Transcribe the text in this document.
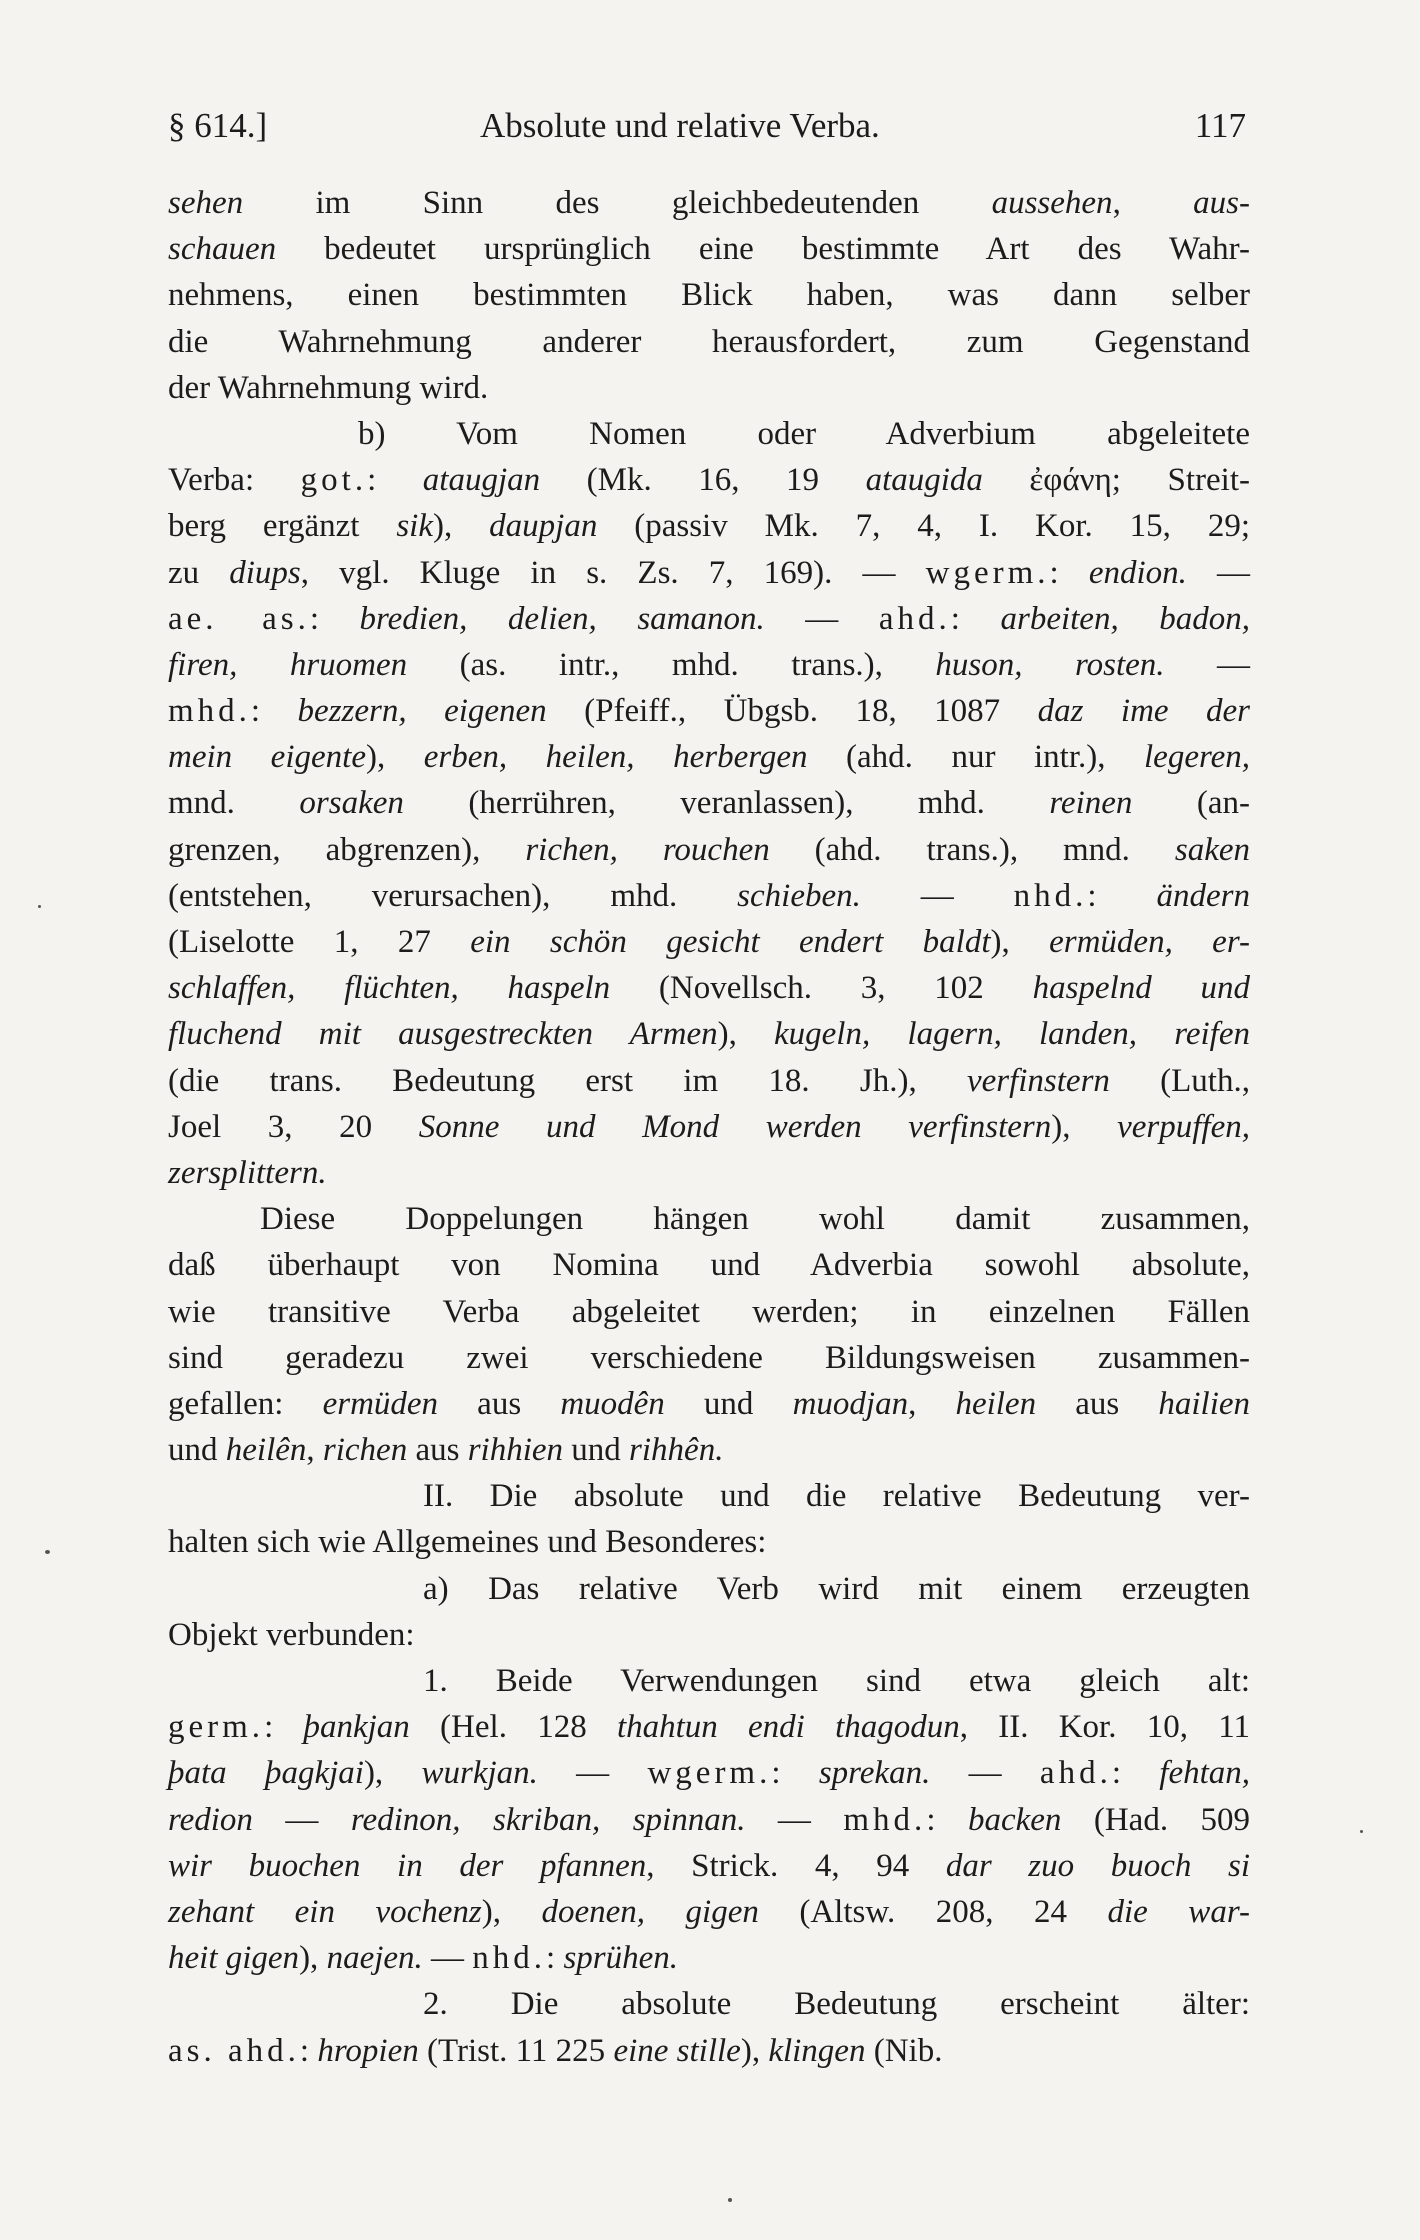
§ 614.]	Absolute und relative Verba.	117
sehen im Sinn des gleichbedeutenden aussehen, aus-
schauen bedeutet ursprünglich eine bestimmte Art des Wahr-
nehmens, einen bestimmten Blick haben, was dann selber
die Wahrnehmung anderer herausfordert, zum Gegenstand
der Wahrnehmung wird.
b) Vom Nomen oder Adverbium abgeleitete
Verba: got.: ataugjan (Mk. 16, 19 ataugida ἐφάνη; Streit-
berg ergänzt sik), daupjan (passiv Mk. 7, 4, I. Kor. 15, 29;
zu diups, vgl. Kluge in s. Zs. 7, 169). — wgerm.: endion. —
ae. as.: bredien, delien, samanon. — ahd.: arbeiten, badon,
firen, hruomen (as. intr., mhd. trans.), huson, rosten. —
mhd.: bezzern, eigenen (Pfeiff., Übgsb. 18, 1087 daz ime der
mein eigente), erben, heilen, herbergen (ahd. nur intr.), legeren,
mnd. orsaken (herrühren, veranlassen), mhd. reinen (an-
grenzen, abgrenzen), richen, rouchen (ahd. trans.), mnd. saken
(entstehen, verursachen), mhd. schieben. — nhd.: ändern
(Liselotte 1, 27 ein schön gesicht endert baldt), ermüden, er-
schlaffen, flüchten, haspeln (Novellsch. 3, 102 haspelnd und
fluchend mit ausgestreckten Armen), kugeln, lagern, landen, reifen
(die trans. Bedeutung erst im 18. Jh.), verfinstern (Luth.,
Joel 3, 20 Sonne und Mond werden verfinstern), verpuffen,
zersplittern.
Diese Doppelungen hängen wohl damit zusammen,
daß überhaupt von Nomina und Adverbia sowohl absolute,
wie transitive Verba abgeleitet werden; in einzelnen Fällen
sind geradezu zwei verschiedene Bildungsweisen zusammen-
gefallen: ermüden aus muodên und muodjan, heilen aus hailien
und heilên, richen aus rihhien und rihhên.
II. Die absolute und die relative Bedeutung ver-
halten sich wie Allgemeines und Besonderes:
a) Das relative Verb wird mit einem erzeugten
Objekt verbunden:
1. Beide Verwendungen sind etwa gleich alt:
germ.: þankjan (Hel. 128 thahtun endi thagodun, II. Kor. 10, 11
þata þagkjai), wurkjan. — wgerm.: sprekan. — ahd.: fehtan,
redion — redinon, skriban, spinnan. — mhd.: backen (Had. 509
wir buochen in der pfannen, Strick. 4, 94 dar zuo buoch si
zehant ein vochenz), doenen, gigen (Altsw. 208, 24 die war-
heit gigen), naejen. — nhd.: sprühen.
2. Die absolute Bedeutung erscheint älter:
as. ahd.: hropien (Trist. 11 225 eine stille), klingen (Nib.
